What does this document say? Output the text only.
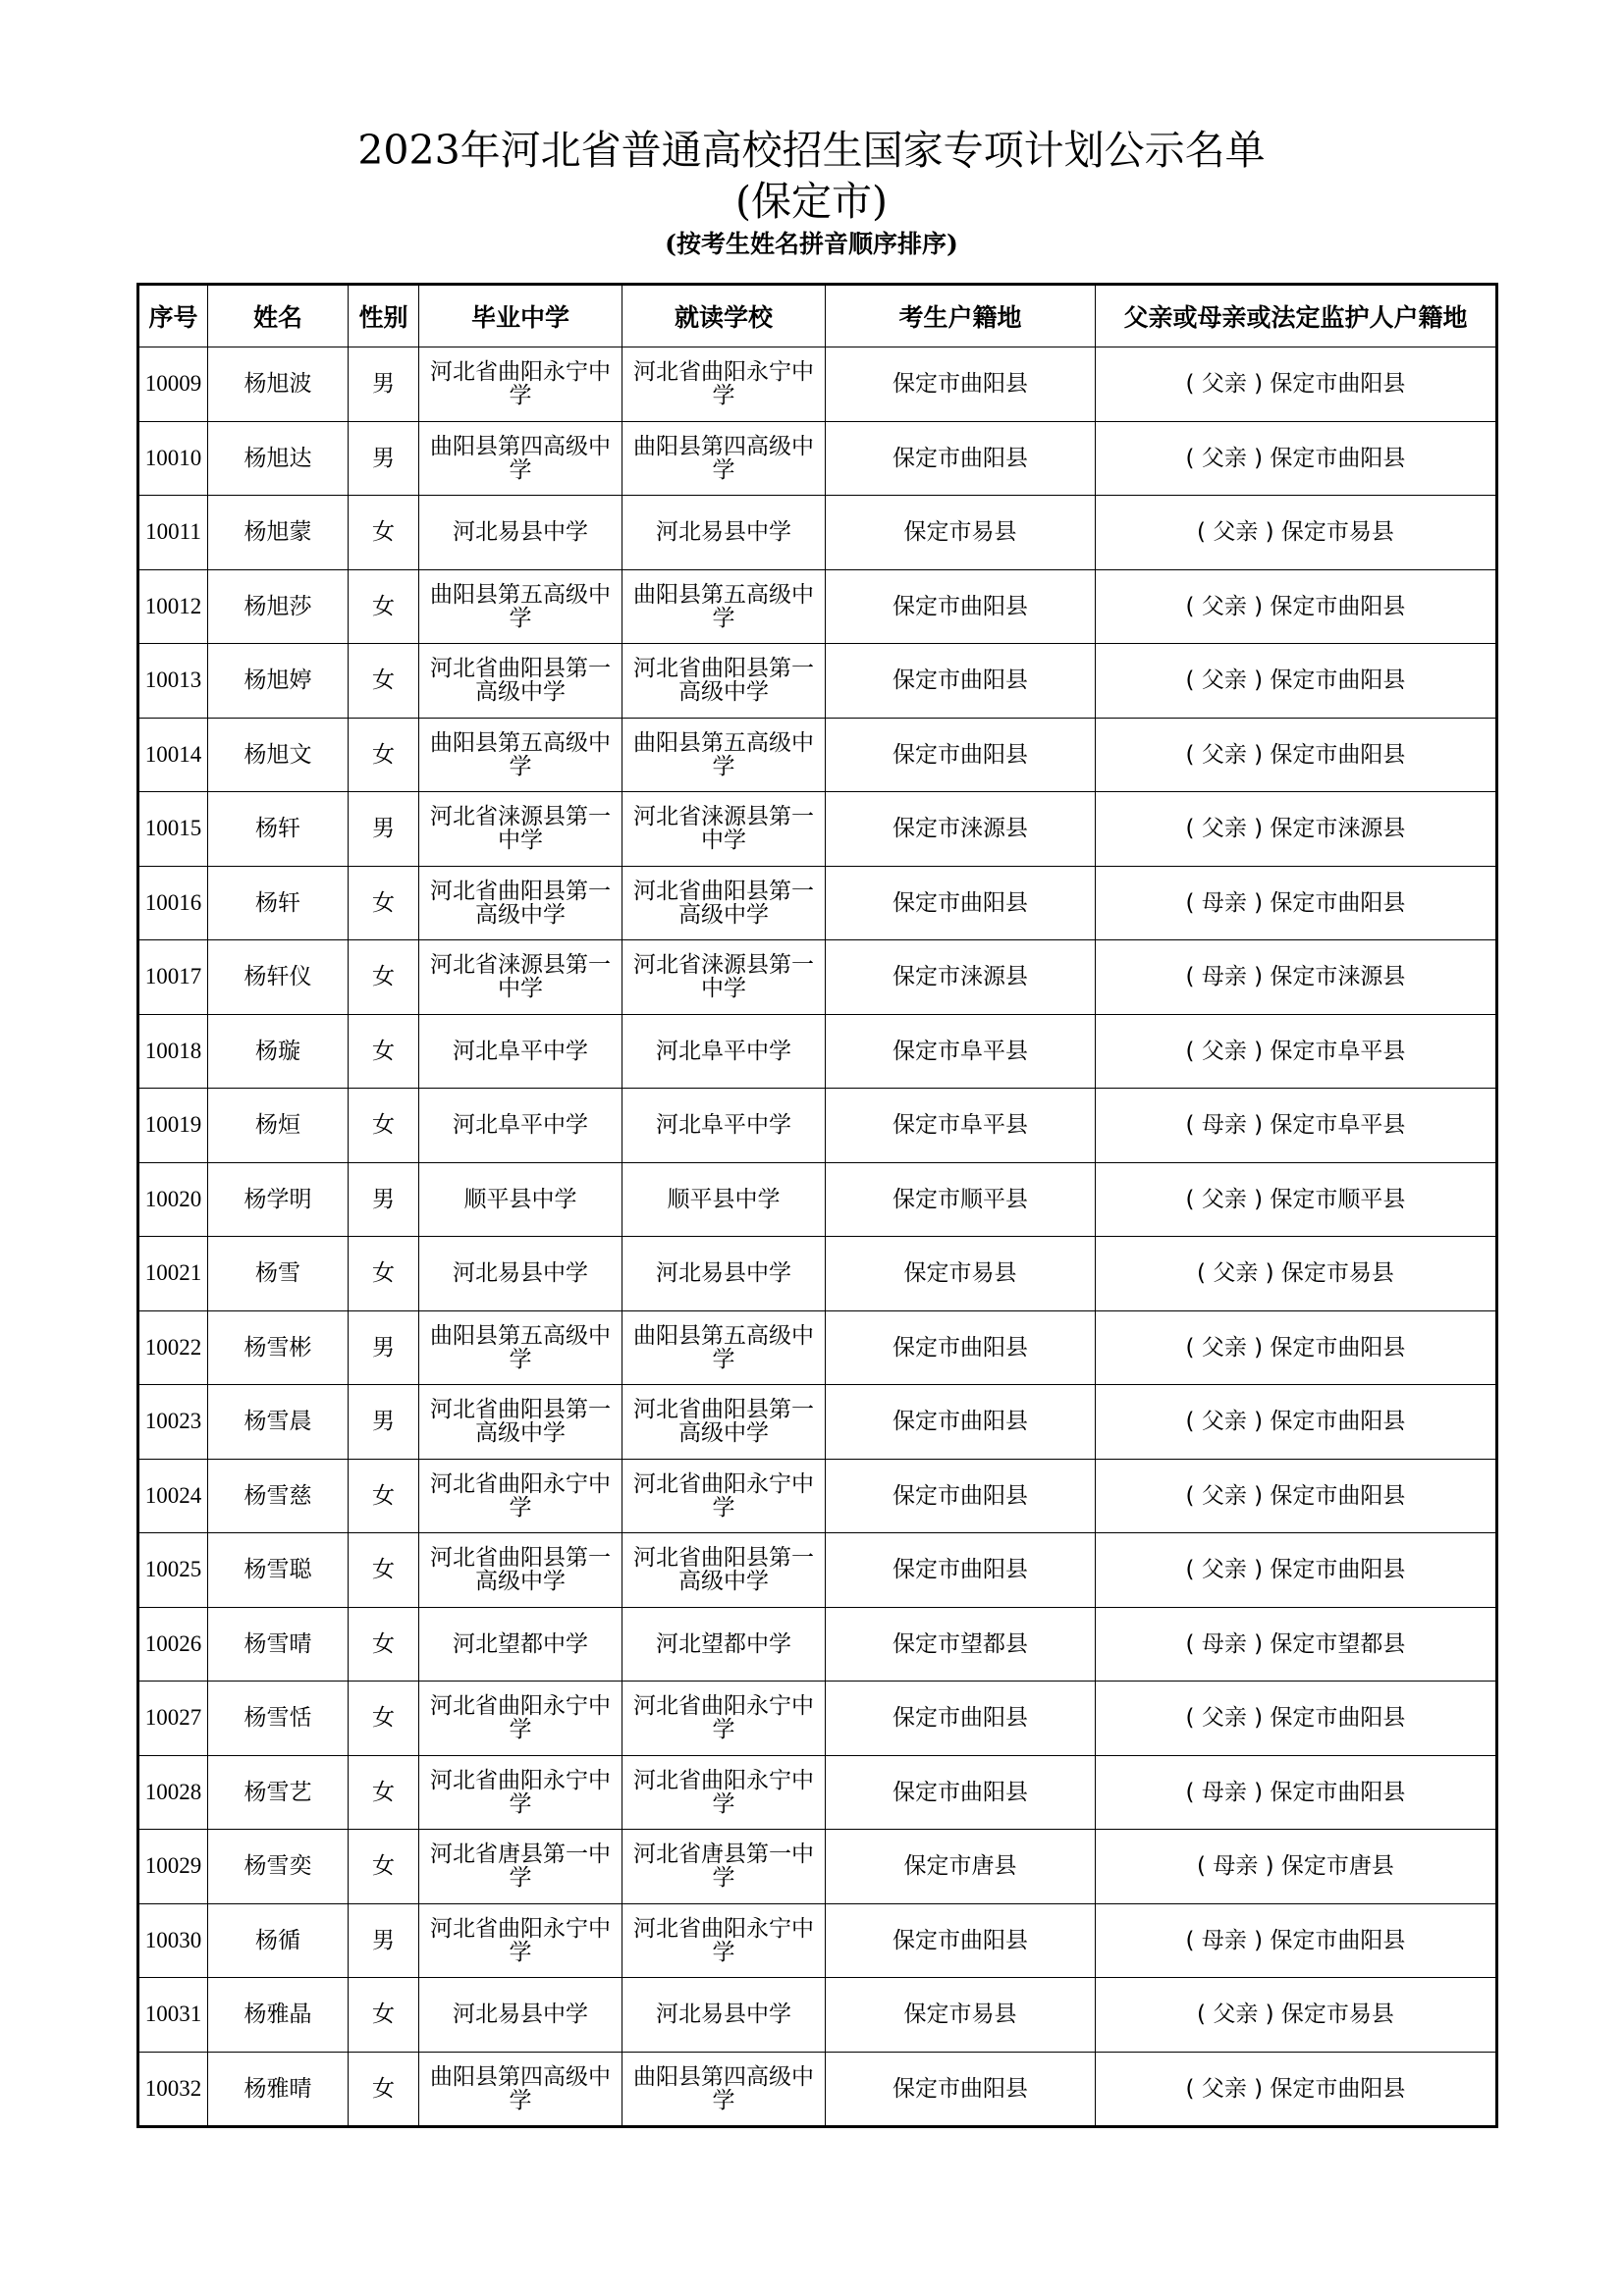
2023年河北省普通高校招生国家专项计划公示名单
(保定市)
(按考生姓名拼音顺序排序)
序号	姓名	性别	毕业中学	就读学校	考生户籍地	父亲或母亲或法定监护人户籍地
10009	杨旭波	男	河北省曲阳永宁中学	河北省曲阳永宁中学	保定市曲阳县	( 父亲 ) 保定市曲阳县
10010	杨旭达	男	曲阳县第四高级中学	曲阳县第四高级中学	保定市曲阳县	( 父亲 ) 保定市曲阳县
10011	杨旭蒙	女	河北易县中学	河北易县中学	保定市易县	( 父亲 ) 保定市易县
10012	杨旭莎	女	曲阳县第五高级中学	曲阳县第五高级中学	保定市曲阳县	( 父亲 ) 保定市曲阳县
10013	杨旭婷	女	河北省曲阳县第一高级中学	河北省曲阳县第一高级中学	保定市曲阳县	( 父亲 ) 保定市曲阳县
10014	杨旭文	女	曲阳县第五高级中学	曲阳县第五高级中学	保定市曲阳县	( 父亲 ) 保定市曲阳县
10015	杨轩	男	河北省涞源县第一中学	河北省涞源县第一中学	保定市涞源县	( 父亲 ) 保定市涞源县
10016	杨轩	女	河北省曲阳县第一高级中学	河北省曲阳县第一高级中学	保定市曲阳县	( 母亲 ) 保定市曲阳县
10017	杨轩仪	女	河北省涞源县第一中学	河北省涞源县第一中学	保定市涞源县	( 母亲 ) 保定市涞源县
10018	杨璇	女	河北阜平中学	河北阜平中学	保定市阜平县	( 父亲 ) 保定市阜平县
10019	杨烜	女	河北阜平中学	河北阜平中学	保定市阜平县	( 母亲 ) 保定市阜平县
10020	杨学明	男	顺平县中学	顺平县中学	保定市顺平县	( 父亲 ) 保定市顺平县
10021	杨雪	女	河北易县中学	河北易县中学	保定市易县	( 父亲 ) 保定市易县
10022	杨雪彬	男	曲阳县第五高级中学	曲阳县第五高级中学	保定市曲阳县	( 父亲 ) 保定市曲阳县
10023	杨雪晨	男	河北省曲阳县第一高级中学	河北省曲阳县第一高级中学	保定市曲阳县	( 父亲 ) 保定市曲阳县
10024	杨雪慈	女	河北省曲阳永宁中学	河北省曲阳永宁中学	保定市曲阳县	( 父亲 ) 保定市曲阳县
10025	杨雪聪	女	河北省曲阳县第一高级中学	河北省曲阳县第一高级中学	保定市曲阳县	( 父亲 ) 保定市曲阳县
10026	杨雪晴	女	河北望都中学	河北望都中学	保定市望都县	( 母亲 ) 保定市望都县
10027	杨雪恬	女	河北省曲阳永宁中学	河北省曲阳永宁中学	保定市曲阳县	( 父亲 ) 保定市曲阳县
10028	杨雪艺	女	河北省曲阳永宁中学	河北省曲阳永宁中学	保定市曲阳县	( 母亲 ) 保定市曲阳县
10029	杨雪奕	女	河北省唐县第一中学	河北省唐县第一中学	保定市唐县	( 母亲 ) 保定市唐县
10030	杨循	男	河北省曲阳永宁中学	河北省曲阳永宁中学	保定市曲阳县	( 母亲 ) 保定市曲阳县
10031	杨雅晶	女	河北易县中学	河北易县中学	保定市易县	( 父亲 ) 保定市易县
10032	杨雅晴	女	曲阳县第四高级中学	曲阳县第四高级中学	保定市曲阳县	( 父亲 ) 保定市曲阳县
